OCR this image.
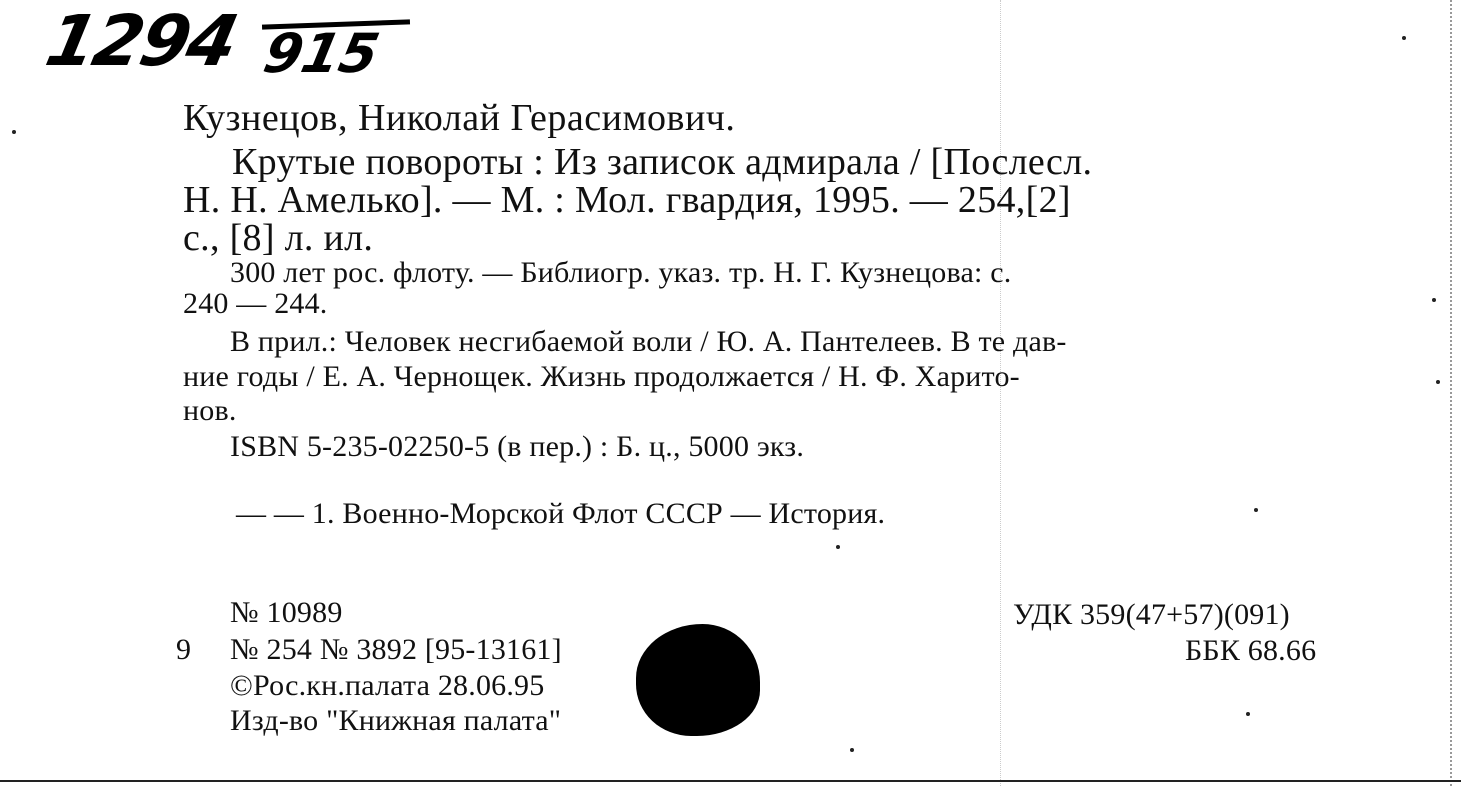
1294 915
Кузнецов, Николай Герасимович.
Крутые повороты : Из записок адмирала / [Послесл.
Н. Н. Амелько]. — М. : Мол. гвардия, 1995. — 254,[2]
с., [8] л. ил.
300 лет рос. флоту. — Библиогр. указ. тр. Н. Г. Кузнецова: с.
240 — 244.
В прил.: Человек несгибаемой воли / Ю. А. Пантелеев. В те дав-
ние годы / Е. А. Чернощек. Жизнь продолжается / Н. Ф. Харито-
нов.
ISBN 5-235-02250-5 (в пер.) : Б. ц., 5000 экз.
— — 1. Военно-Морской Флот СССР — История.
9
№ 10989
№ 254 № 3892 [95-13161]
©Рос.кн.палата 28.06.95
Изд-во "Книжная палата"
УДК 359(47+57)(091)
ББК 68.66
